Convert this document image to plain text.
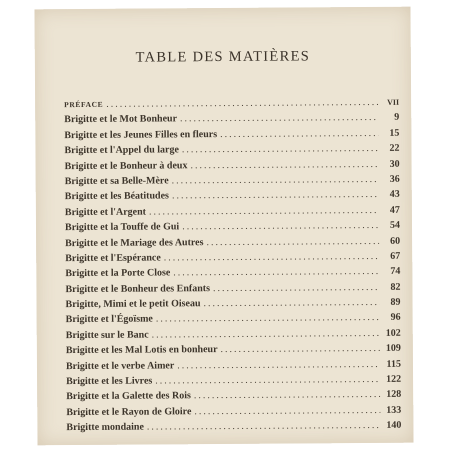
TABLE DES MATIÈRES
PRÉFACE .....	VII
Brigitte et le Mot Bonheur .....	9
Brigitte et les Jeunes Filles en fleurs .....	15
Brigitte et l'Appel du large .....	22
Brigitte et le Bonheur à deux .....	30
Brigitte et sa Belle-Mère .....	36
Brigitte et les Béatitudes .....	43
Brigitte et l'Argent .....	47
Brigitte et la Touffe de Gui .....	54
Brigitte et le Mariage des Autres .....	60
Brigitte et l'Espérance .....	67
Brigitte et la Porte Close .....	74
Brigitte et le Bonheur des Enfants .....	82
Brigitte, Mimi et le petit Oiseau .....	89
Brigitte et l'Égoïsme .....	96
Brigitte sur le Banc .....	102
Brigitte et les Mal Lotis en bonheur .....	109
Brigitte et le verbe Aimer .....	115
Brigitte et les Livres .....	122
Brigitte et la Galette des Rois .....	128
Brigitte et le Rayon de Gloire .....	133
Brigitte mondaine .....	140
